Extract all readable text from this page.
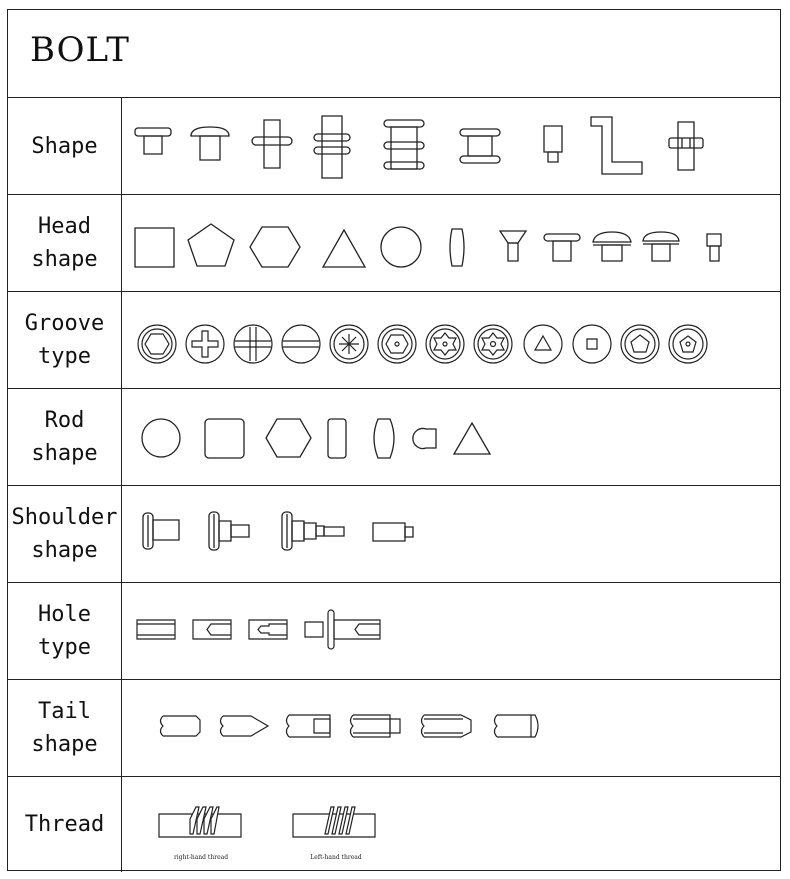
BOLT
Shape
Head
shape
Groove
type
Rod
shape
Shoulder
shape
Hole
type
Tail
shape
Thread
right-hand thread	Left-hand thread
